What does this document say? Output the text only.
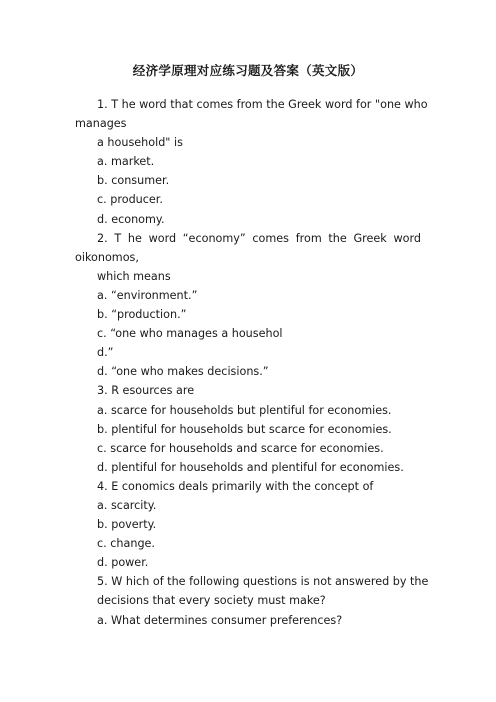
经济学原理对应练习题及答案（英文版）
1. T he word that comes from the Greek word for "one who
manages
a household" is
a. market.
b. consumer.
c. producer.
d. economy.
2. T he word “economy” comes from the Greek word
oikonomos,
which means
a. “environment.”
b. “production.”
c. “one who manages a househol
d.”
d. “one who makes decisions.”
3. R esources are
a. scarce for households but plentiful for economies.
b. plentiful for households but scarce for economies.
c. scarce for households and scarce for economies.
d. plentiful for households and plentiful for economies.
4. E conomics deals primarily with the concept of
a. scarcity.
b. poverty.
c. change.
d. power.
5. W hich of the following questions is not answered by the
decisions that every society must make?
a. What determines consumer preferences?
